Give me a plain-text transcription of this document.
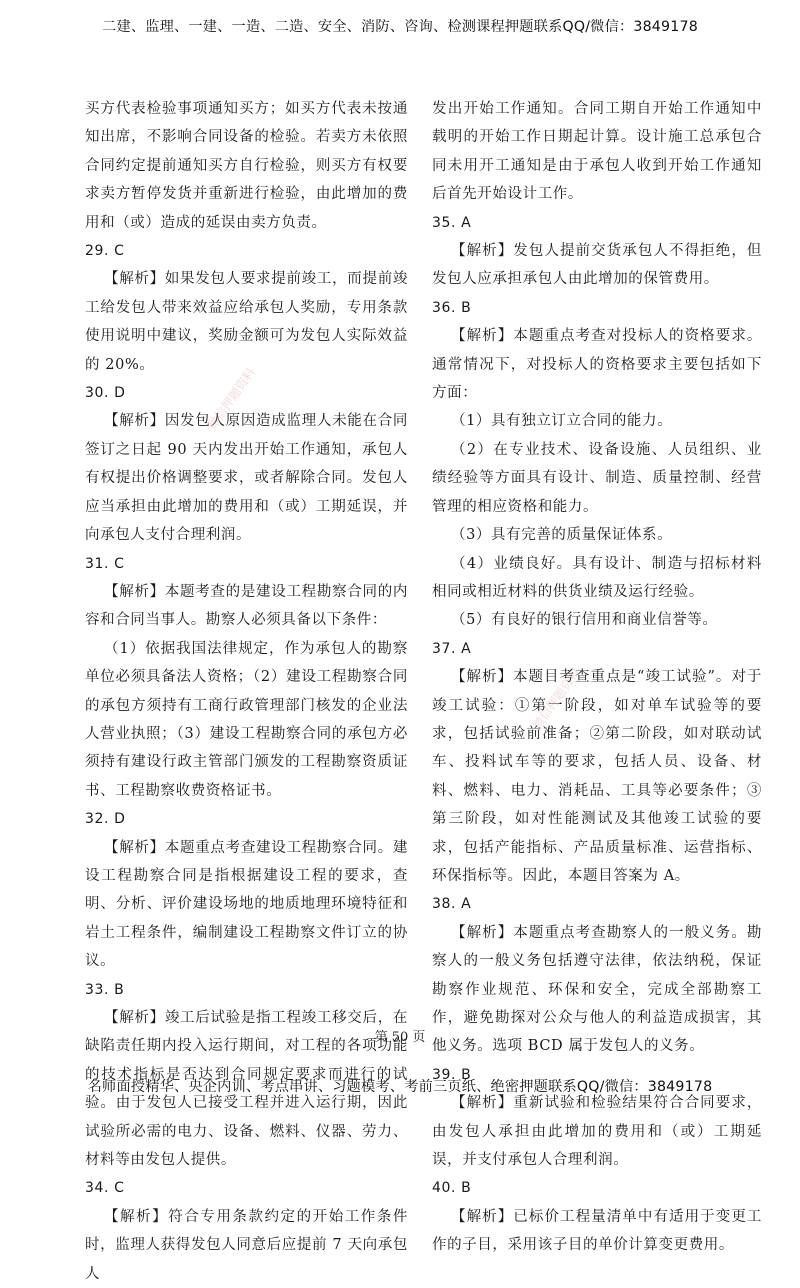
二建、监理、一建、一造、二造、安全、消防、咨询、检测课程押题联系QQ/微信：3849178

买方代表检验事项通知买方；如买方代表未按通知出席，不影响合同设备的检验。若卖方未依照合同约定提前通知买方自行检验，则买方有权要求卖方暂停发货并重新进行检验，由此增加的费用和（或）造成的延误由卖方负责。

29. C

【解析】如果发包人要求提前竣工，而提前竣工给发包人带来效益应给承包人奖励，专用条款使用说明中建议，奖励金额可为发包人实际效益的 20%。

30. D

【解析】因发包人原因造成监理人未能在合同签订之日起 90 天内发出开始工作通知，承包人有权提出价格调整要求，或者解除合同。发包人应当承担由此增加的费用和（或）工期延误，并向承包人支付合理利润。

31. C

【解析】本题考查的是建设工程勘察合同的内容和合同当事人。勘察人必须具备以下条件：

（1）依据我国法律规定，作为承包人的勘察单位必须具备法人资格；（2）建设工程勘察合同的承包方须持有工商行政管理部门核发的企业法人营业执照；（3）建设工程勘察合同的承包方必须持有建设行政主管部门颁发的工程勘察资质证书、工程勘察收费资格证书。

32. D

【解析】本题重点考查建设工程勘察合同。建设工程勘察合同是指根据建设工程的要求，查明、分析、评价建设场地的地质地理环境特征和岩土工程条件，编制建设工程勘察文件订立的协议。

33. B

【解析】竣工后试验是指工程竣工移交后，在缺陷责任期内投入运行期间，对工程的各项功能的技术指标是否达到合同规定要求而进行的试验。由于发包人已接受工程并进入运行期，因此试验所必需的电力、设备、燃料、仪器、劳力、材料等由发包人提供。

34. C

【解析】符合专用条款约定的开始工作条件时，监理人获得发包人同意后应提前 7 天向承包人

发出开始工作通知。合同工期自开始工作通知中载明的开始工作日期起计算。设计施工总承包合同未用开工通知是由于承包人收到开始工作通知后首先开始设计工作。

35. A

【解析】发包人提前交货承包人不得拒绝，但发包人应承担承包人由此增加的保管费用。

36. B

【解析】本题重点考查对投标人的资格要求。通常情况下，对投标人的资格要求主要包括如下方面：

（1）具有独立订立合同的能力。

（2）在专业技术、设备设施、人员组织、业绩经验等方面具有设计、制造、质量控制、经营管理的相应资格和能力。

（3）具有完善的质量保证体系。

（4）业绩良好。具有设计、制造与招标材料相同或相近材料的供货业绩及运行经验。

（5）有良好的银行信用和商业信誉等。

37. A

【解析】本题目考查重点是“竣工试验”。对于竣工试验：①第一阶段，如对单车试验等的要求，包括试验前准备；②第二阶段，如对联动试车、投料试车等的要求，包括人员、设备、材料、燃料、电力、消耗品、工具等必要条件；③第三阶段，如对性能测试及其他竣工试验的要求，包括产能指标、产品质量标准、运营指标、环保指标等。因此，本题目答案为 A。

38. A

【解析】本题重点考查勘察人的一般义务。勘察人的一般义务包括遵守法律，依法纳税，保证勘察作业规范、环保和安全，完成全部勘察工作，避免勘探对公众与他人的利益造成损害，其他义务。选项 BCD 属于发包人的义务。

39. B

【解析】重新试验和检验结果符合合同要求，由发包人承担由此增加的费用和（或）工期延误，并支付承包人合理利润。

40. B

【解析】已标价工程量清单中有适用于变更工作的子目，采用该子目的单价计算变更费用。

微信押题资料
微信押题资料
第 50 页
名师面授精华、央企内训、考点串讲、习题模考、考前三页纸、绝密押题联系QQ/微信：3849178
